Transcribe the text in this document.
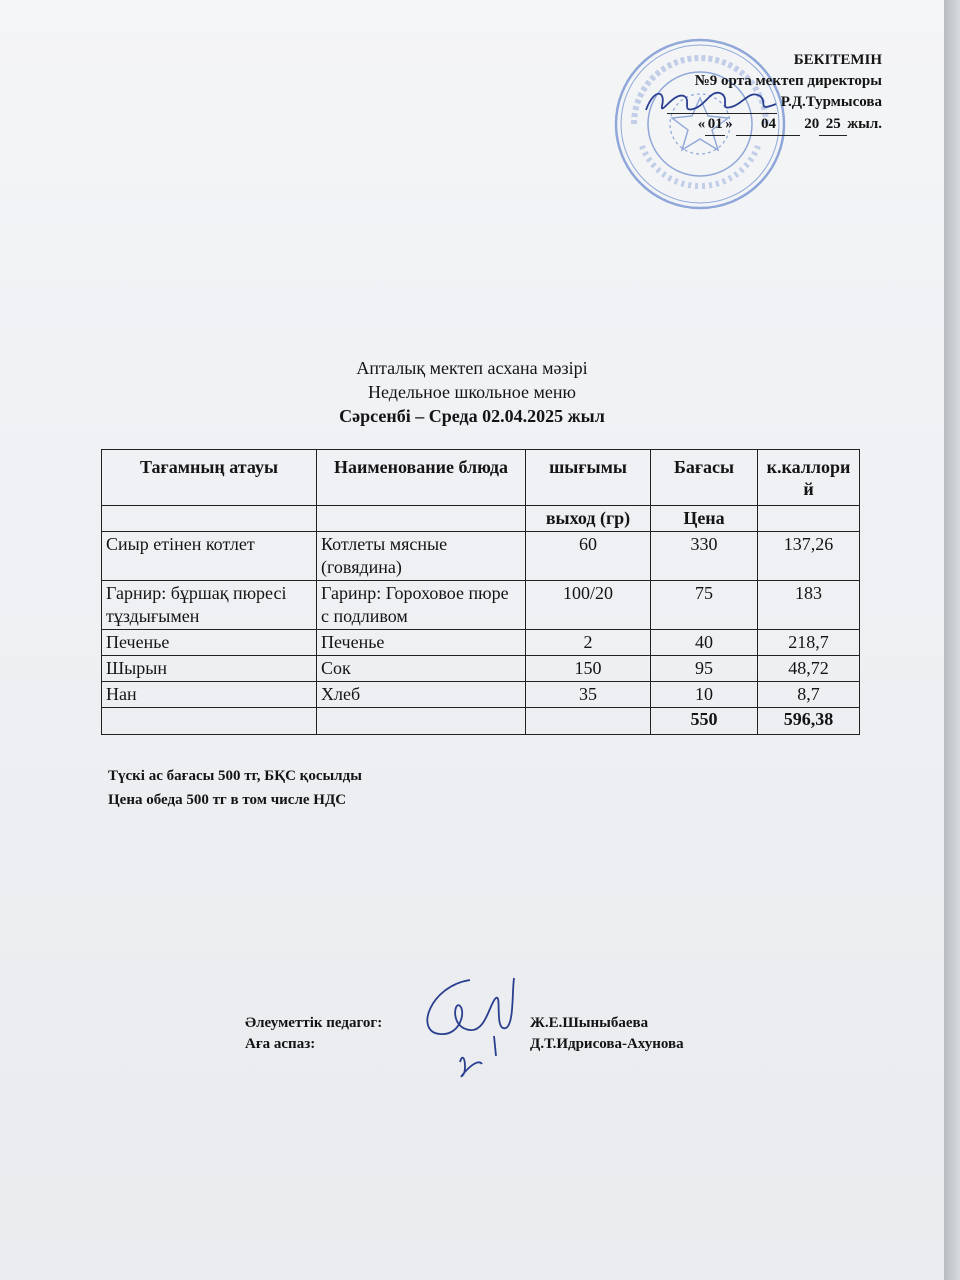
БЕКІТЕМІН
№9 орта мектеп директоры
Р.Д.Турмысова
« 01 » 04 20 25 жыл.
Апталық мектеп асхана мәзірі
Недельное школьное меню
Сәрсенбі – Среда 02.04.2025 жыл
Тағамның атауы	Наименование блюда	шығымы	Бағасы	к.каллорий
		выход (гр)	Цена	
Сиыр етінен котлет	Котлеты мясные (говядина)	60	330	137,26
Гарнир: бұршақ пюресі тұздығымен	Гаринр: Гороховое пюре с подливом	100/20	75	183
Печенье	Печенье	2	40	218,7
Шырын	Сок	150	95	48,72
Нан	Хлеб	35	10	8,7
			550	596,38
Түскі ас бағасы 500 тг, БҚС қосылды
Цена обеда 500 тг в том числе НДС
Әлеуметтік педагог:	Ж.Е.Шыныбаева
Аға аспаз:	Д.Т.Идрисова-Ахунова
